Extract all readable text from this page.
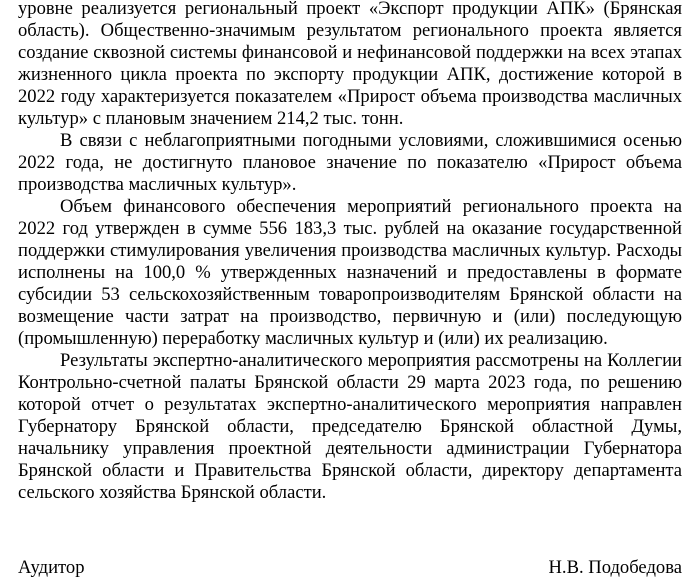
уровне реализуется региональный проект «Экспорт продукции АПК» (Брянская область). Общественно-значимым результатом регионального проекта является создание сквозной системы финансовой и нефинансовой поддержки на всех этапах жизненного цикла проекта по экспорту продукции АПК, достижение которой в 2022 году характеризуется показателем «Прирост объема производства масличных культур» с плановым значением 214,2 тыс. тонн.

В связи с неблагоприятными погодными условиями, сложившимися осенью 2022 года, не достигнуто плановое значение по показателю «Прирост объема производства масличных культур».

Объем финансового обеспечения мероприятий регионального проекта на 2022 год утвержден в сумме 556 183,3 тыс. рублей на оказание государственной поддержки стимулирования увеличения производства масличных культур. Расходы исполнены на 100,0 % утвержденных назначений и предоставлены в формате субсидии 53 сельскохозяйственным товаропроизводителям Брянской области на возмещение части затрат на производство, первичную и (или) последующую (промышленную) переработку масличных культур и (или) их реализацию.

Результаты экспертно-аналитического мероприятия рассмотрены на Коллегии Контрольно-счетной палаты Брянской области 29 марта 2023 года, по решению которой отчет о результатах экспертно-аналитического мероприятия направлен Губернатору Брянской области, председателю Брянской областной Думы, начальнику управления проектной деятельности администрации Губернатора Брянской области и Правительства Брянской области, директору департамента сельского хозяйства Брянской области.

Аудитор	Н.В. Подобедова
